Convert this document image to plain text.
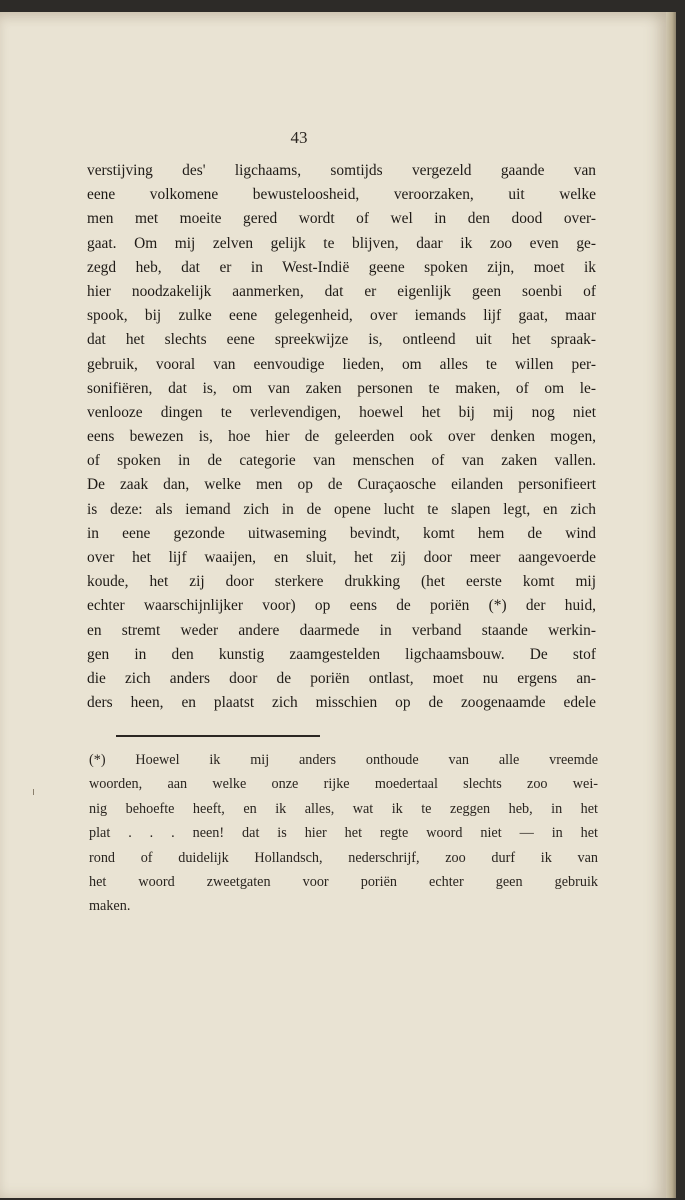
43
verstijving des' ligchaams, somtijds vergezeld gaande van
eene volkomene bewusteloosheid, veroorzaken, uit welke
men met moeite gered wordt of wel in den dood over-
gaat. Om mij zelven gelijk te blijven, daar ik zoo even ge-
zegd heb, dat er in West-Indië geene spoken zijn, moet ik
hier noodzakelijk aanmerken, dat er eigenlijk geen soenbi of
spook, bij zulke eene gelegenheid, over iemands lijf gaat, maar
dat het slechts eene spreekwijze is, ontleend uit het spraak-
gebruik, vooral van eenvoudige lieden, om alles te willen per-
sonifiëren, dat is, om van zaken personen te maken, of om le-
venlooze dingen te verlevendigen, hoewel het bij mij nog niet
eens bewezen is, hoe hier de geleerden ook over denken mogen,
of spoken in de categorie van menschen of van zaken vallen.
De zaak dan, welke men op de Curaçaosche eilanden personifieert
is deze: als iemand zich in de opene lucht te slapen legt, en zich
in eene gezonde uitwaseming bevindt, komt hem de wind
over het lijf waaijen, en sluit, het zij door meer aangevoerde
koude, het zij door sterkere drukking (het eerste komt mij
echter waarschijnlijker voor) op eens de poriën (*) der huid,
en stremt weder andere daarmede in verband staande werkin-
gen in den kunstig zaamgestelden ligchaamsbouw. De stof
die zich anders door de poriën ontlast, moet nu ergens an-
ders heen, en plaatst zich misschien op de zoogenaamde edele
(*) Hoewel ik mij anders onthoude van alle vreemde
woorden, aan welke onze rijke moedertaal slechts zoo wei-
nig behoefte heeft, en ik alles, wat ik te zeggen heb, in het
plat . . . neen! dat is hier het regte woord niet — in het
rond of duidelijk Hollandsch, nederschrijf, zoo durf ik van
het woord zweetgaten voor poriën echter geen gebruik
maken.
